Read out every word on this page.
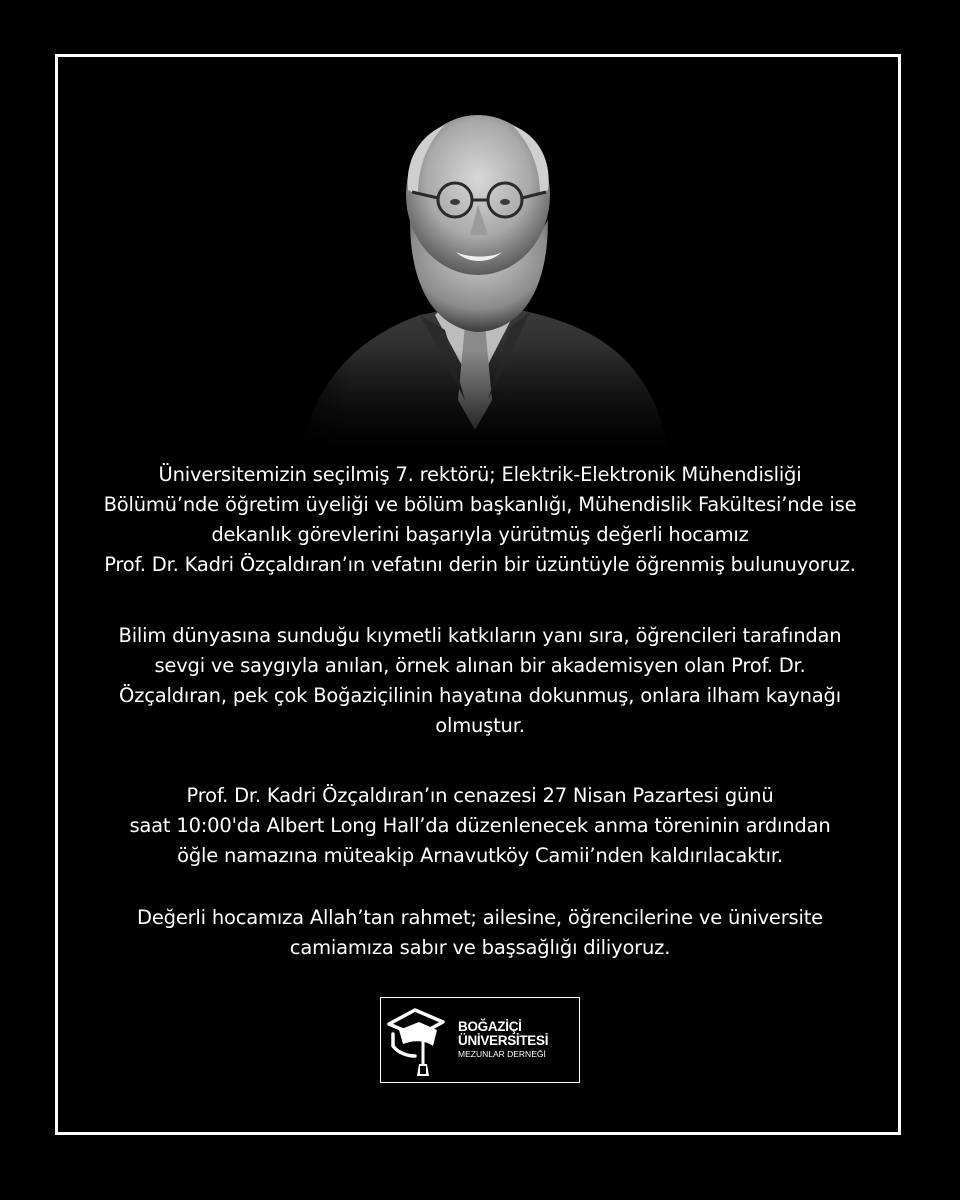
Üniversitemizin seçilmiş 7. rektörü; Elektrik-Elektronik Mühendisliği
Bölümü’nde öğretim üyeliği ve bölüm başkanlığı, Mühendislik Fakültesi’nde ise
dekanlık görevlerini başarıyla yürütmüş değerli hocamız
Prof. Dr. Kadri Özçaldıran’ın vefatını derin bir üzüntüyle öğrenmiş bulunuyoruz.
Bilim dünyasına sunduğu kıymetli katkıların yanı sıra, öğrencileri tarafından
sevgi ve saygıyla anılan, örnek alınan bir akademisyen olan Prof. Dr.
Özçaldıran, pek çok Boğaziçilinin hayatına dokunmuş, onlara ilham kaynağı
olmuştur.
Prof. Dr. Kadri Özçaldıran’ın cenazesi 27 Nisan Pazartesi günü
saat 10:00'da Albert Long Hall’da düzenlenecek anma töreninin ardından
öğle namazına müteakip Arnavutköy Camii’nden kaldırılacaktır.
Değerli hocamıza Allah’tan rahmet; ailesine, öğrencilerine ve üniversite
camiamıza sabır ve başsağlığı diliyoruz.
BOĞAZİÇİ
ÜNİVERSİTESİ
MEZUNLAR DERNEĞİ
